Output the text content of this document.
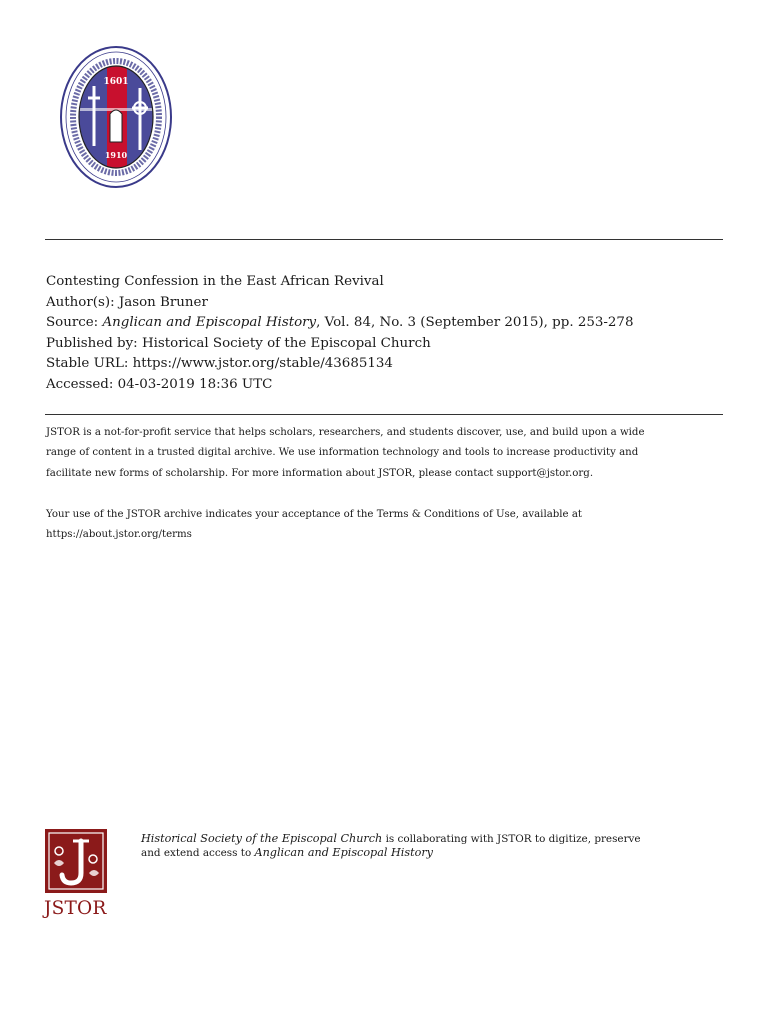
1601
1910
Contesting Confession in the East African Revival
Author(s): Jason Bruner
Source: Anglican and Episcopal History, Vol. 84, No. 3 (September 2015), pp. 253-278
Published by: Historical Society of the Episcopal Church
Stable URL: https://www.jstor.org/stable/43685134
Accessed: 04-03-2019 18:36 UTC

JSTOR is a not-for-profit service that helps scholars, researchers, and students discover, use, and build upon a wide
range of content in a trusted digital archive. We use information technology and tools to increase productivity and
facilitate new forms of scholarship. For more information about JSTOR, please contact support@jstor.org.

Your use of the JSTOR archive indicates your acceptance of the Terms & Conditions of Use, available at
https://about.jstor.org/terms

JSTOR
Historical Society of the Episcopal Church is collaborating with JSTOR to digitize, preserve
and extend access to Anglican and Episcopal History
